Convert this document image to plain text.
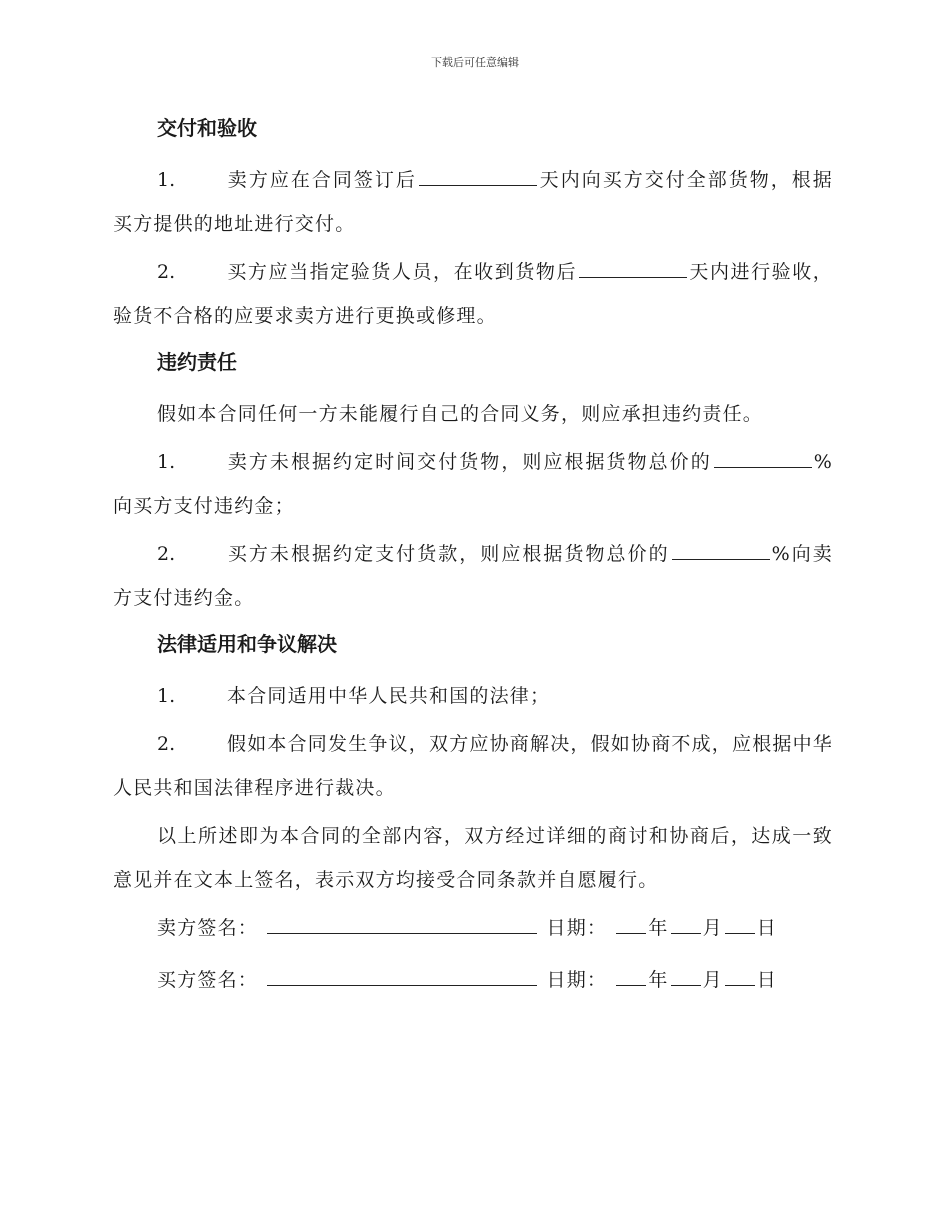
下载后可任意编辑
交付和验收

1.	卖方应在合同签订后	天内向买方交付全部货物，根据买方提供的地址进行交付。

2.	买方应当指定验货人员，在收到货物后	天内进行验收，验货不合格的应要求卖方进行更换或修理。

违约责任

假如本合同任何一方未能履行自己的合同义务，则应承担违约责任。

1.	卖方未根据约定时间交付货物，则应根据货物总价的	%向买方支付违约金；

2.	买方未根据约定支付货款，则应根据货物总价的	%向卖方支付违约金。

法律适用和争议解决

1.	本合同适用中华人民共和国的法律；

2.	假如本合同发生争议，双方应协商解决，假如协商不成，应根据中华人民共和国法律程序进行裁决。

以上所述即为本合同的全部内容，双方经过详细的商讨和协商后，达成一致意见并在文本上签名，表示双方均接受合同条款并自愿履行。

卖方签名：	日期： 年 月 日
买方签名：	日期： 年 月 日
